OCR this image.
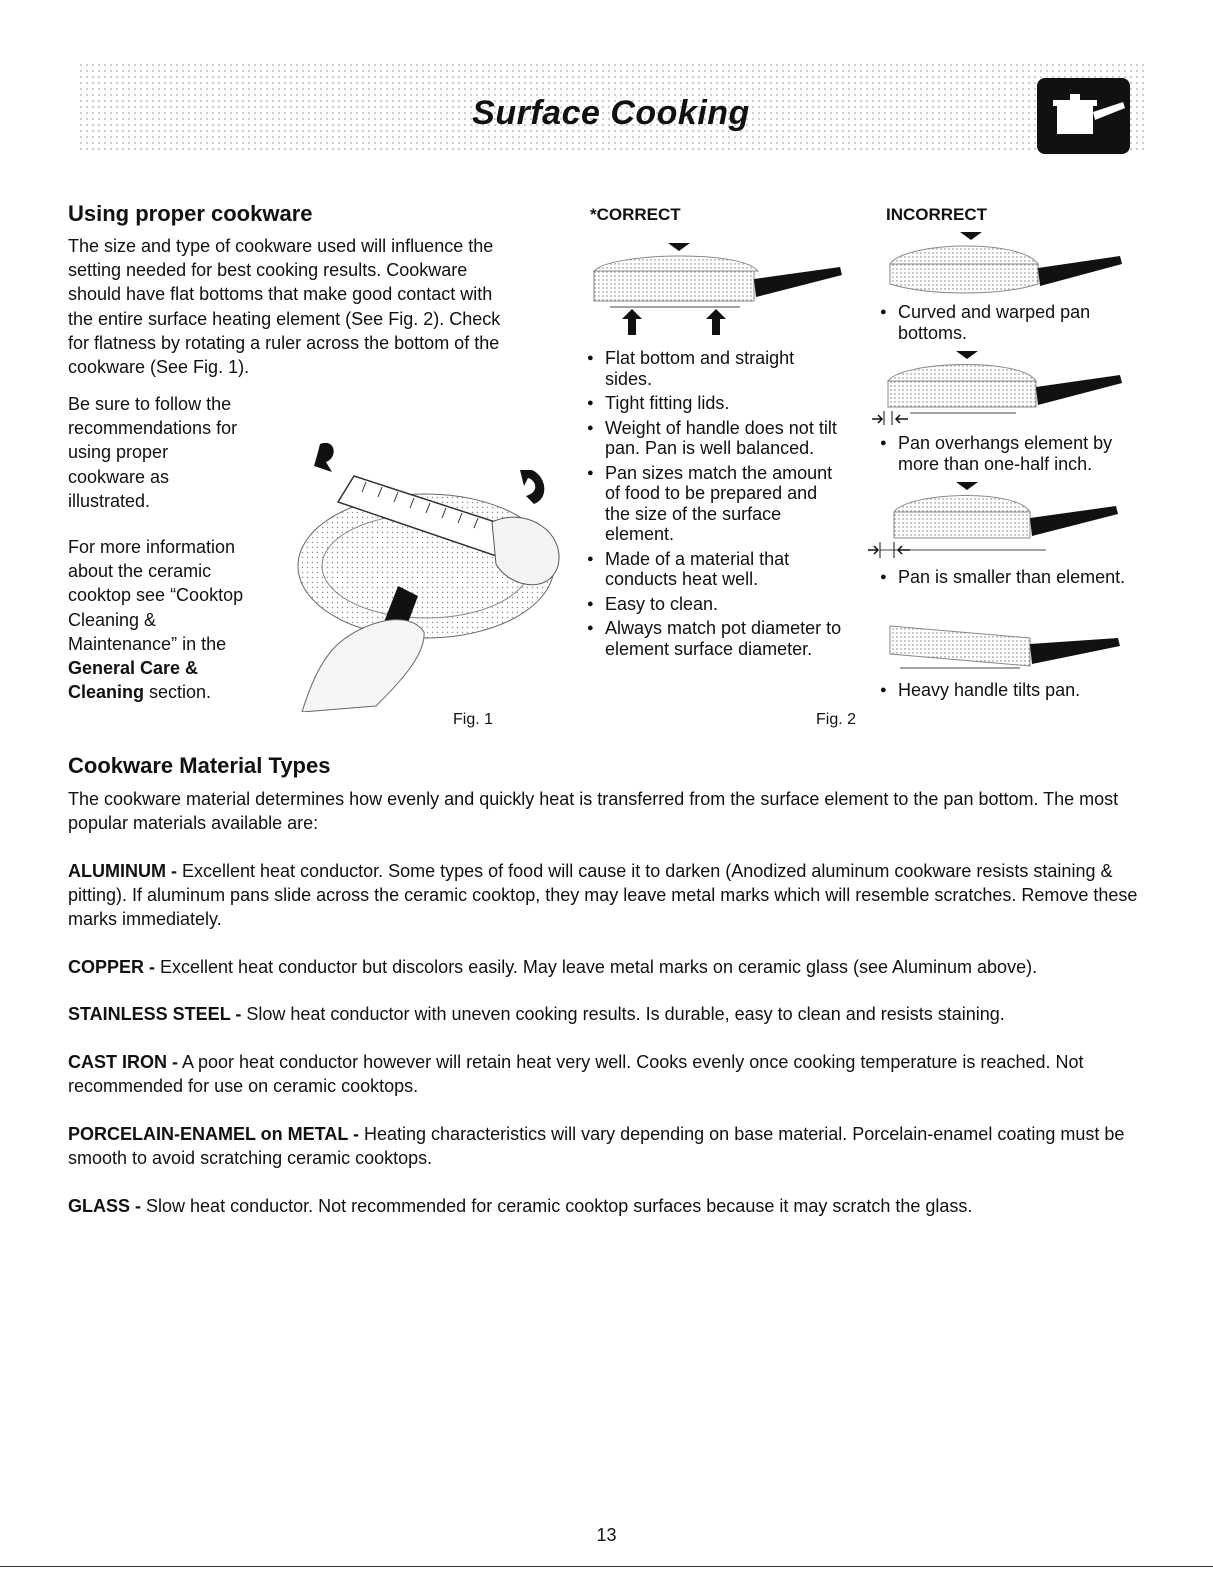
Surface Cooking
Using proper cookware

The size and type of cookware used will influence the

setting needed for best cooking results. Cookware

should have flat bottoms that make good contact with

the entire surface heating element (See Fig. 2). Check

for flatness by rotating a ruler across the bottom of the

cookware (See Fig. 1).

Be sure to follow the

recommendations for

using proper

cookware as

illustrated.

For more information

about the ceramic

cooktop see “Cooktop

Cleaning &

Maintenance” in the

General Care &

Cleaning section.

Fig. 1
*CORRECT
● Flat bottom and straight sides.
● Tight fitting lids.
● Weight of handle does not tilt pan. Pan is well balanced.
● Pan sizes match the amount of food to be prepared and the size of the surface element.
● Made of a material that conducts heat well.
● Easy to clean.
● Always match pot diameter to element surface diameter.
Fig. 2
INCORRECT
● Curved and warped pan bottoms.
● Pan overhangs element by more than one-half inch.
● Pan is smaller than element.
● Heavy handle tilts pan.
Cookware Material Types

The cookware material determines how evenly and quickly heat is transferred from the surface element to the pan bottom. The most popular materials available are:

ALUMINUM - Excellent heat conductor. Some types of food will cause it to darken (Anodized aluminum cookware resists staining & pitting). If aluminum pans slide across the ceramic cooktop, they may leave metal marks which will resemble scratches. Remove these marks immediately.

COPPER - Excellent heat conductor but discolors easily. May leave metal marks on ceramic glass (see Aluminum above).

STAINLESS STEEL - Slow heat conductor with uneven cooking results. Is durable, easy to clean and resists staining.

CAST IRON - A poor heat conductor however will retain heat very well. Cooks evenly once cooking temperature is reached. Not recommended for use on ceramic cooktops.

PORCELAIN-ENAMEL on METAL - Heating characteristics will vary depending on base material. Porcelain-enamel coating must be smooth to avoid scratching ceramic cooktops.

GLASS - Slow heat conductor. Not recommended for ceramic cooktop surfaces because it may scratch the glass.

13
